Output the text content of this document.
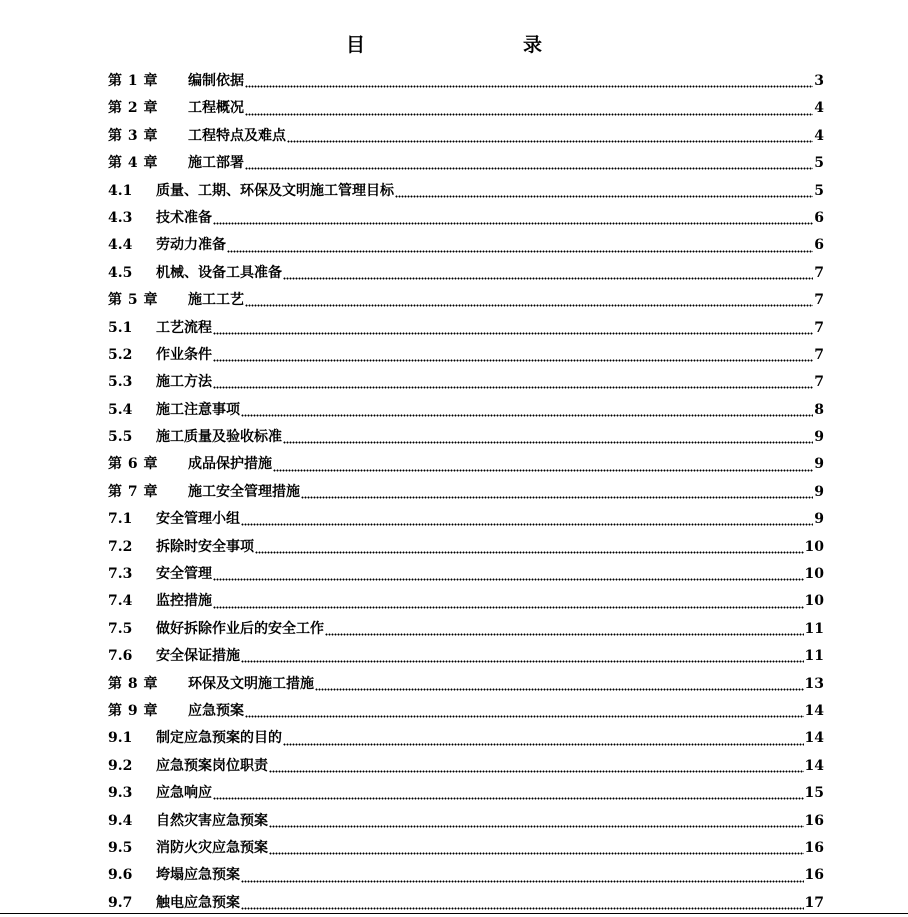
目　　录
第 1 章	编制依据	3
第 2 章	工程概况	4
第 3 章	工程特点及难点	4
第 4 章	施工部署	5
4.1	质量、工期、环保及文明施工管理目标	5
4.3	技术准备	6
4.4	劳动力准备	6
4.5	机械、设备工具准备	7
第 5 章	施工工艺	7
5.1	工艺流程	7
5.2	作业条件	7
5.3	施工方法	7
5.4	施工注意事项	8
5.5	施工质量及验收标准	9
第 6 章	成品保护措施	9
第 7 章	施工安全管理措施	9
7.1	安全管理小组	9
7.2	拆除时安全事项	10
7.3	安全管理	10
7.4	监控措施	10
7.5	做好拆除作业后的安全工作	11
7.6	安全保证措施	11
第 8 章	环保及文明施工措施	13
第 9 章	应急预案	14
9.1	制定应急预案的目的	14
9.2	应急预案岗位职责	14
9.3	应急响应	15
9.4	自然灾害应急预案	16
9.5	消防火灾应急预案	16
9.6	垮塌应急预案	16
9.7	触电应急预案	17
